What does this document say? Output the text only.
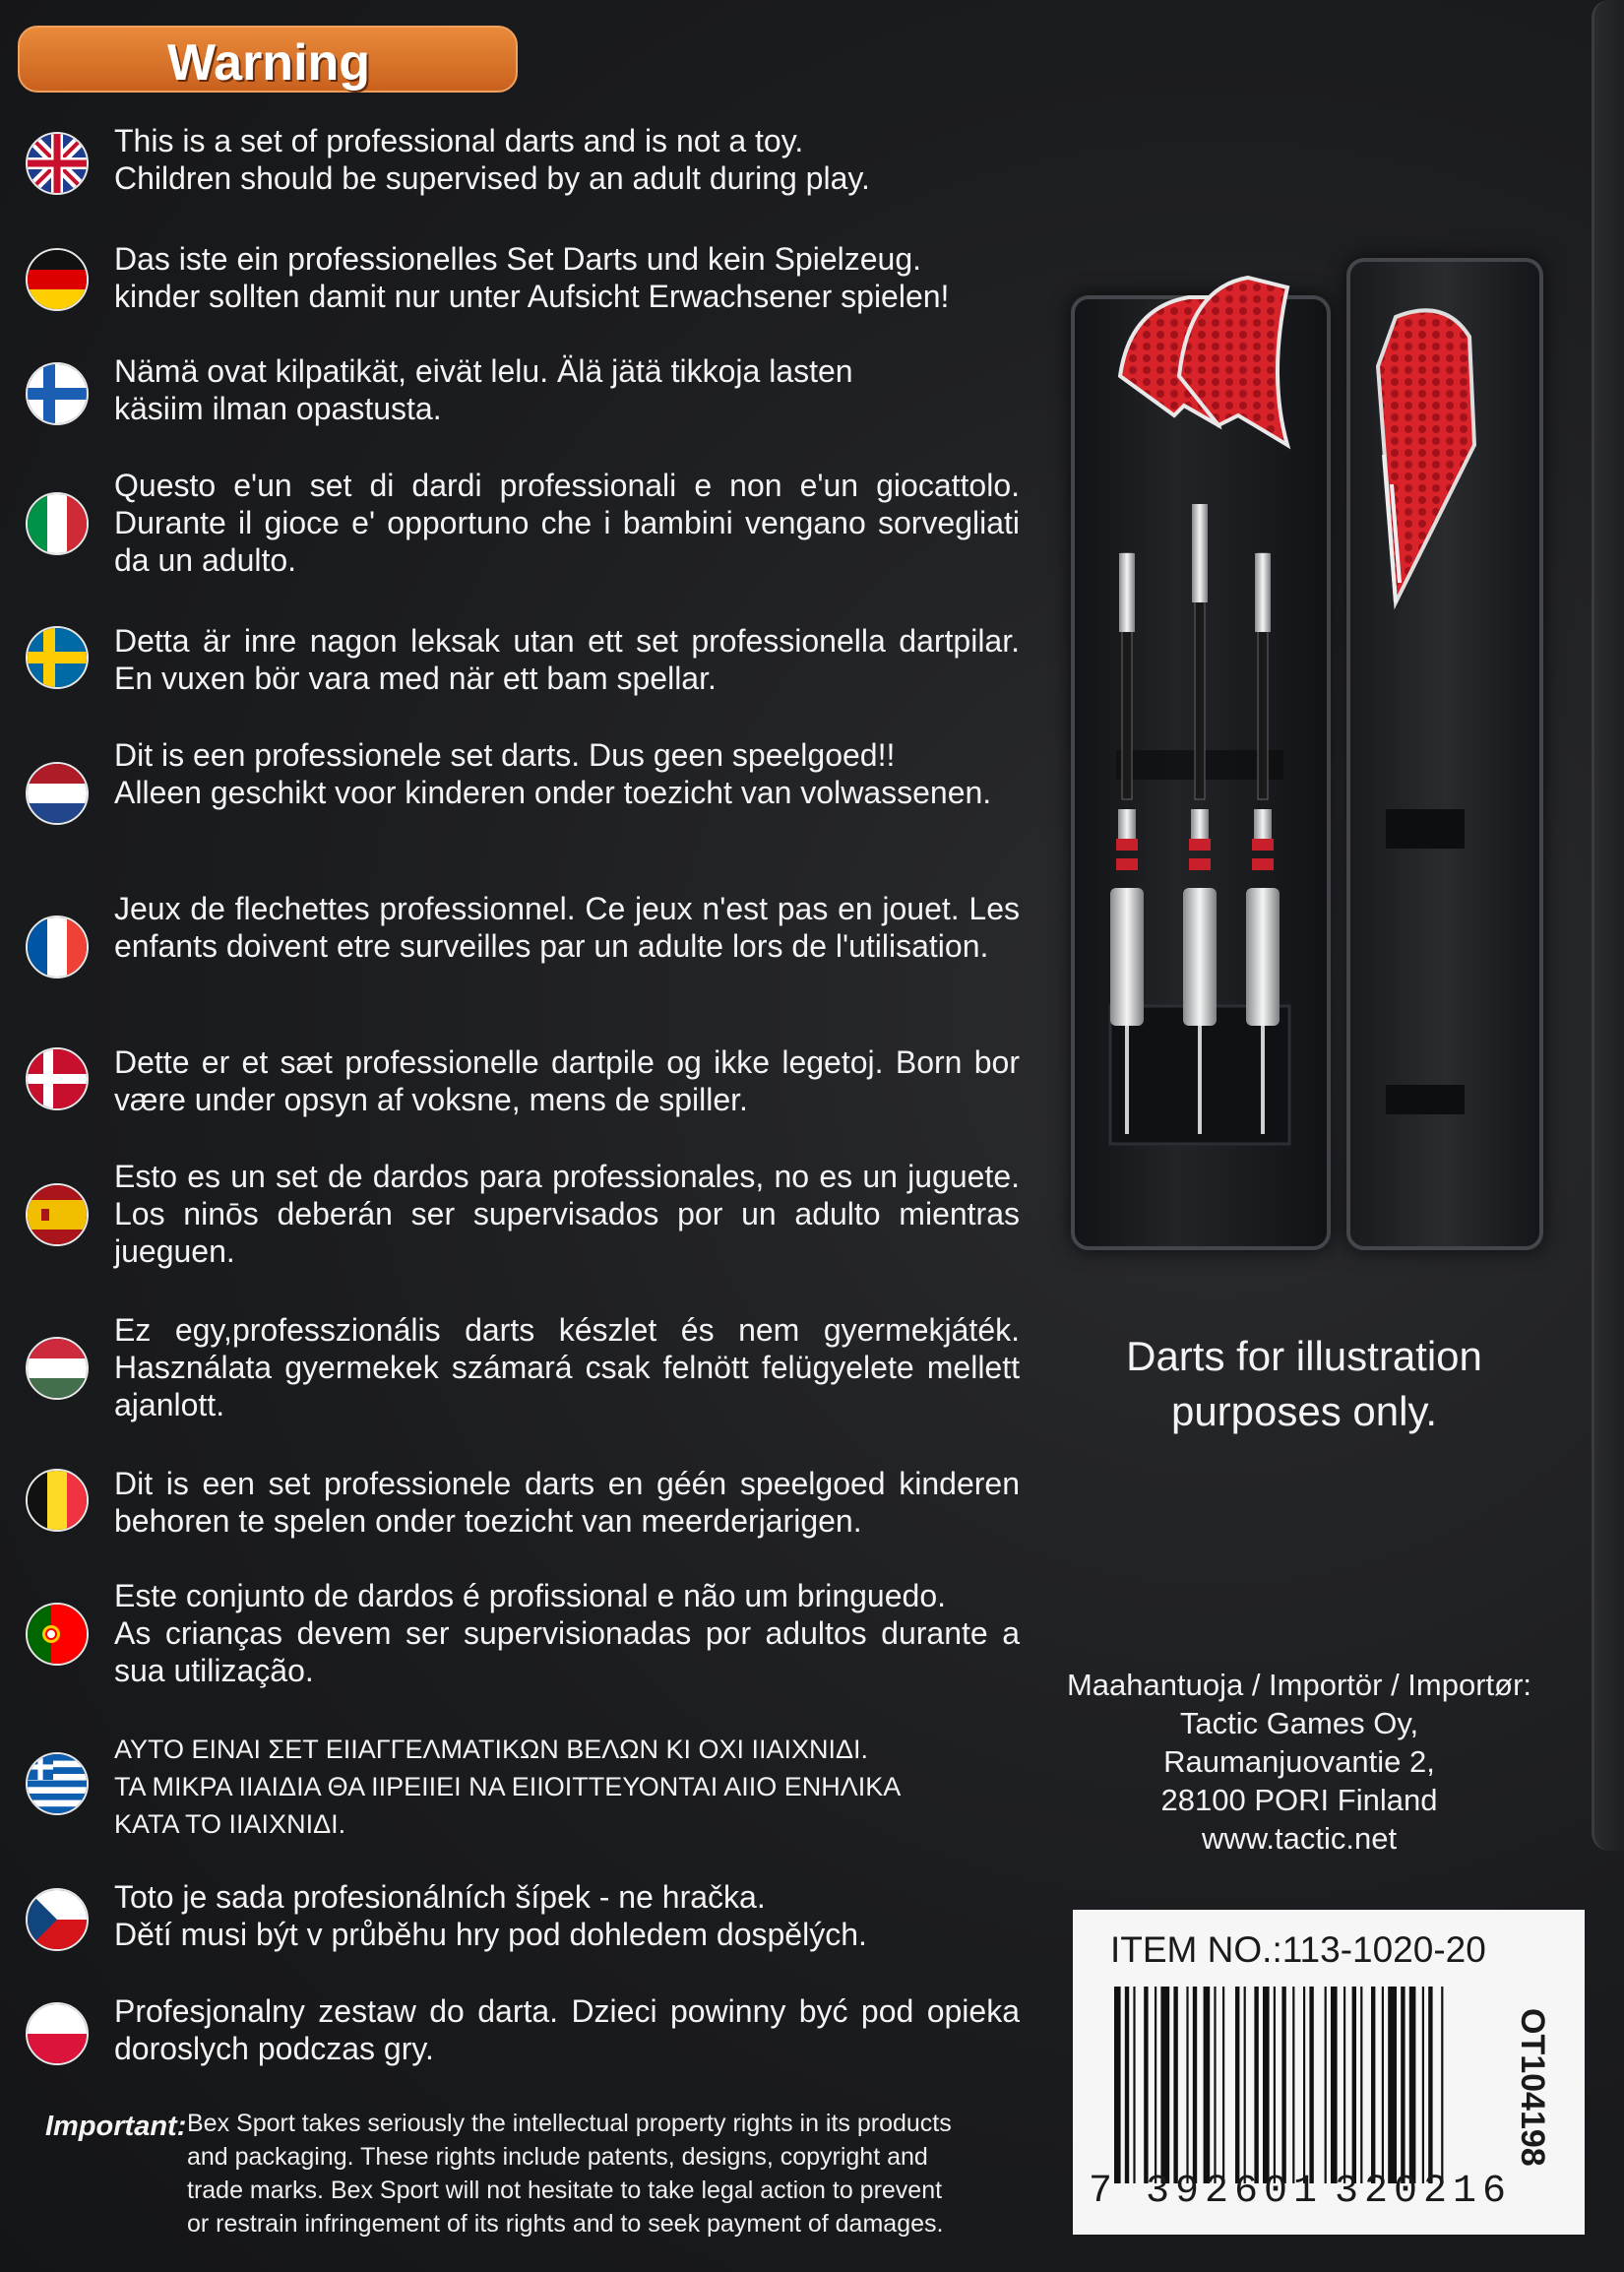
Warning
This is a set of professional darts and is not a toy.
Children should be supervised by an adult during play.
Das iste ein professionelles Set Darts und kein Spielzeug.
kinder sollten damit nur unter Aufsicht Erwachsener spielen!
Nämä ovat kilpatikät, eivät lelu. Älä jätä tikkoja lasten
käsiim ilman opastusta.
Questo e'un set di dardi professionali e non e'un giocattolo. Durante il gioce e' opportuno che i bambini vengano sorvegliati da un adulto.
Detta är inre nagon leksak utan ett set professionella dartpilar. En vuxen bör vara med när ett bam spellar.
Dit is een professionele set darts. Dus geen speelgoed!!
Alleen geschikt voor kinderen onder toezicht van volwassenen.
Jeux de flechettes professionnel. Ce jeux n'est pas en jouet. Les enfants doivent etre surveilles par un adulte lors de l'utilisation.
Dette er et sæt professionelle dartpile og ikke legetoj. Born bor være under opsyn af voksne, mens de spiller.
Esto es un set de dardos para professionales, no es un juguete. Los ninōs deberán ser supervisados por un adulto mientras jueguen.
Ez egy,professzionális darts készlet és nem gyermekjáték. Használata gyermekek számará csak felnött felügyelete mellett ajanlott.
Dit is een set professionele darts en géén speelgoed kinderen behoren te spelen onder toezicht van meerderjarigen.
Este conjunto de dardos é profissional e não um bringuedo.
As crianças devem ser supervisionadas por adultos durante a sua utilização.
ΑΥΤΟ ΕΙΝΑΙ ΣΕΤ ΕΙΙΑΓΓΕΛΜΑΤΙΚΩΝ ΒΕΛΩΝ ΚΙ ΟΧΙ ΙΙΑΙΧΝΙΔΙ.
ΤΑ ΜΙΚΡΑ ΙΙΑΙΔΙΑ ΘΑ ΙΙΡΕΙΙΕΙ ΝΑ ΕΙΙΟΙΤΤΕΥΟΝΤΑΙ ΑΙΙΟ ΕΝΗΛΙΚΑ
ΚΑΤΑ ΤΟ ΙΙΑΙΧΝΙΔΙ.
Toto je sada profesionálních šípek - ne hračka.
Dětí musi být v průběhu hry pod dohledem dospělých.
Profesjonalny zestaw do darta. Dzieci powinny być pod opieka doroslych podczas gry.
Important: Bex Sport takes seriously the intellectual property rights in its products
and packaging. These rights include patents, designs, copyright and
trade marks. Bex Sport will not hesitate to take legal action to prevent
or restrain infringement of its rights and to seek payment of damages.
Darts for illustration
purposes only.
Maahantuoja / Importör / Importør:
Tactic Games Oy,
Raumanjuovantie 2,
28100 PORI Finland
www.tactic.net
ITEM NO.:113-1020-20
7 392601 320216
OT104198
